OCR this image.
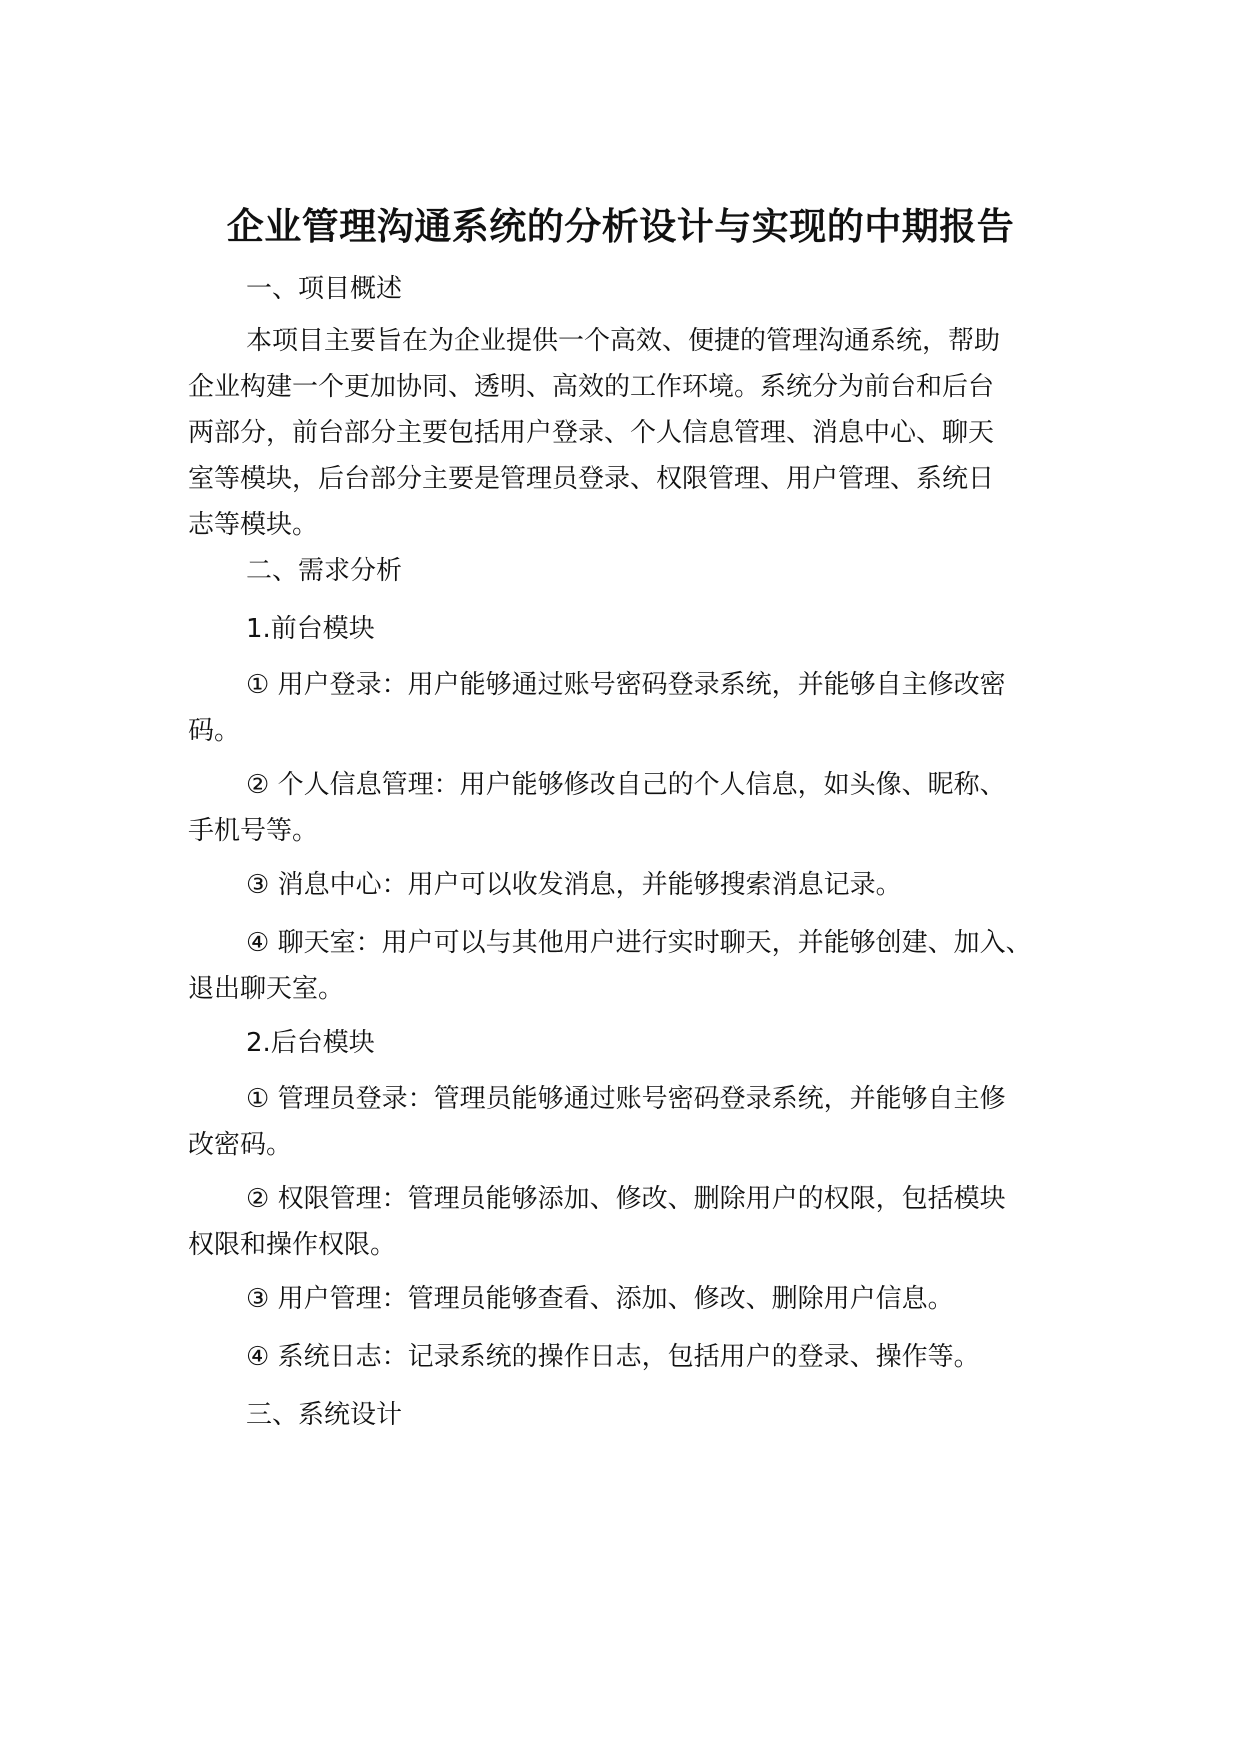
企业管理沟通系统的分析设计与实现的中期报告

一、项目概述

本项目主要旨在为企业提供一个高效、便捷的管理沟通系统，帮助
企业构建一个更加协同、透明、高效的工作环境。系统分为前台和后台
两部分，前台部分主要包括用户登录、个人信息管理、消息中心、聊天
室等模块，后台部分主要是管理员登录、权限管理、用户管理、系统日
志等模块。

二、需求分析

1.前台模块

① 用户登录：用户能够通过账号密码登录系统，并能够自主修改密
码。

② 个人信息管理：用户能够修改自己的个人信息，如头像、昵称、
手机号等。

③ 消息中心：用户可以收发消息，并能够搜索消息记录。

④ 聊天室：用户可以与其他用户进行实时聊天，并能够创建、加入、
退出聊天室。

2.后台模块

① 管理员登录：管理员能够通过账号密码登录系统，并能够自主修
改密码。

② 权限管理：管理员能够添加、修改、删除用户的权限，包括模块
权限和操作权限。

③ 用户管理：管理员能够查看、添加、修改、删除用户信息。

④ 系统日志：记录系统的操作日志，包括用户的登录、操作等。

三、系统设计
